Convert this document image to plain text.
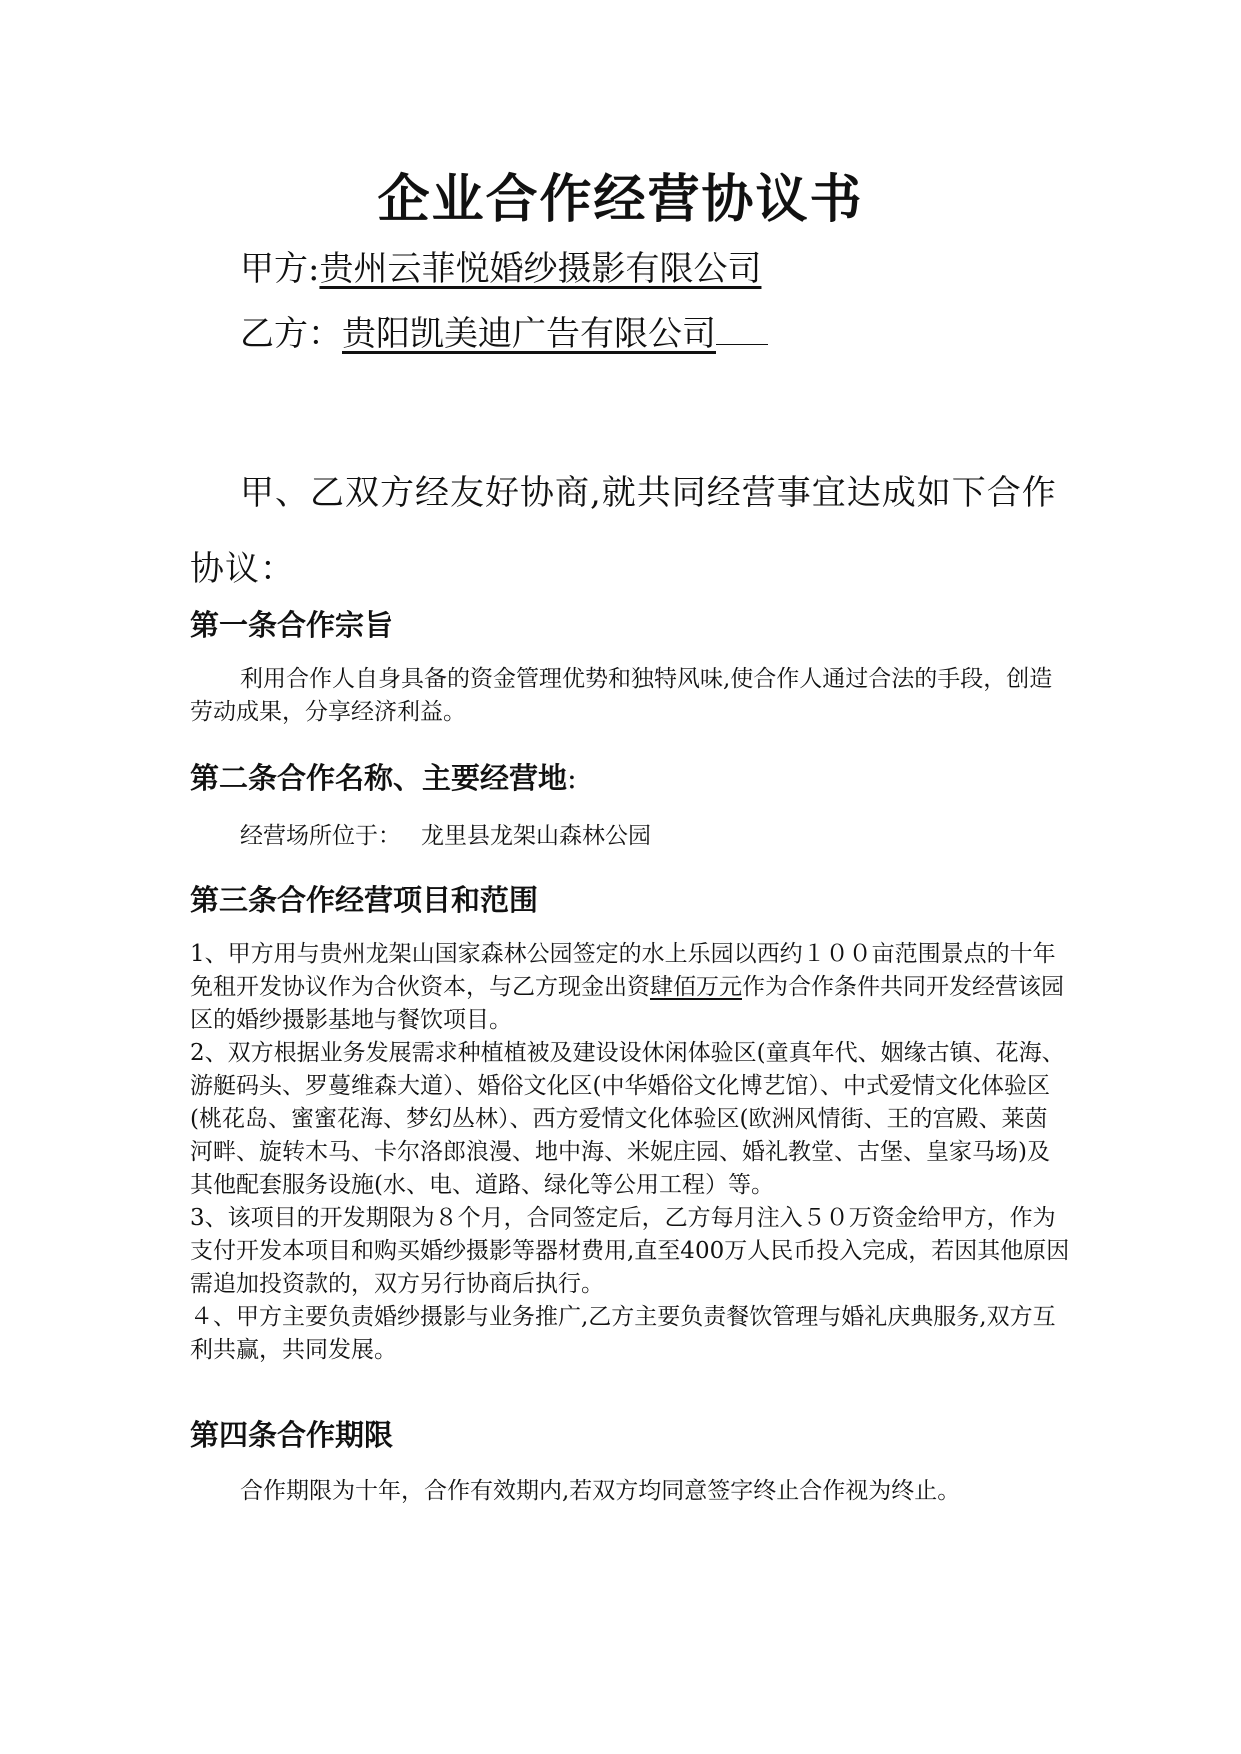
企业合作经营协议书
甲方:贵州云菲悦婚纱摄影有限公司
乙方：贵阳凯美迪广告有限公司
甲、乙双方经友好协商,就共同经营事宜达成如下合作协议：
第一条合作宗旨
利用合作人自身具备的资金管理优势和独特风味,使合作人通过合法的手段，创造劳动成果，分享经济利益。
第二条合作名称、主要经营地:
经营场所位于： 龙里县龙架山森林公园
第三条合作经营项目和范围

1、甲方用与贵州龙架山国家森林公园签定的水上乐园以西约１００亩范围景点的十年免租开发协议作为合伙资本，与乙方现金出资肆佰万元作为合作条件共同开发经营该园区的婚纱摄影基地与餐饮项目。

2、双方根据业务发展需求种植植被及建设设休闲体验区(童真年代、姻缘古镇、花海、游艇码头、罗蔓维森大道）、婚俗文化区(中华婚俗文化博艺馆）、中式爱情文化体验区(桃花岛、蜜蜜花海、梦幻丛林）、西方爱情文化体验区(欧洲风情街、王的宫殿、莱茵河畔、旋转木马、卡尔洛郎浪漫、地中海、米妮庄园、婚礼教堂、古堡、皇家马场)及其他配套服务设施(水、电、道路、绿化等公用工程）等。

3、该项目的开发期限为８个月，合同签定后，乙方每月注入５０万资金给甲方，作为支付开发本项目和购买婚纱摄影等器材费用,直至400万人民币投入完成，若因其他原因需追加投资款的，双方另行协商后执行。

４、甲方主要负责婚纱摄影与业务推广,乙方主要负责餐饮管理与婚礼庆典服务,双方互利共赢，共同发展。

第四条合作期限
合作期限为十年，合作有效期内,若双方均同意签字终止合作视为终止。
